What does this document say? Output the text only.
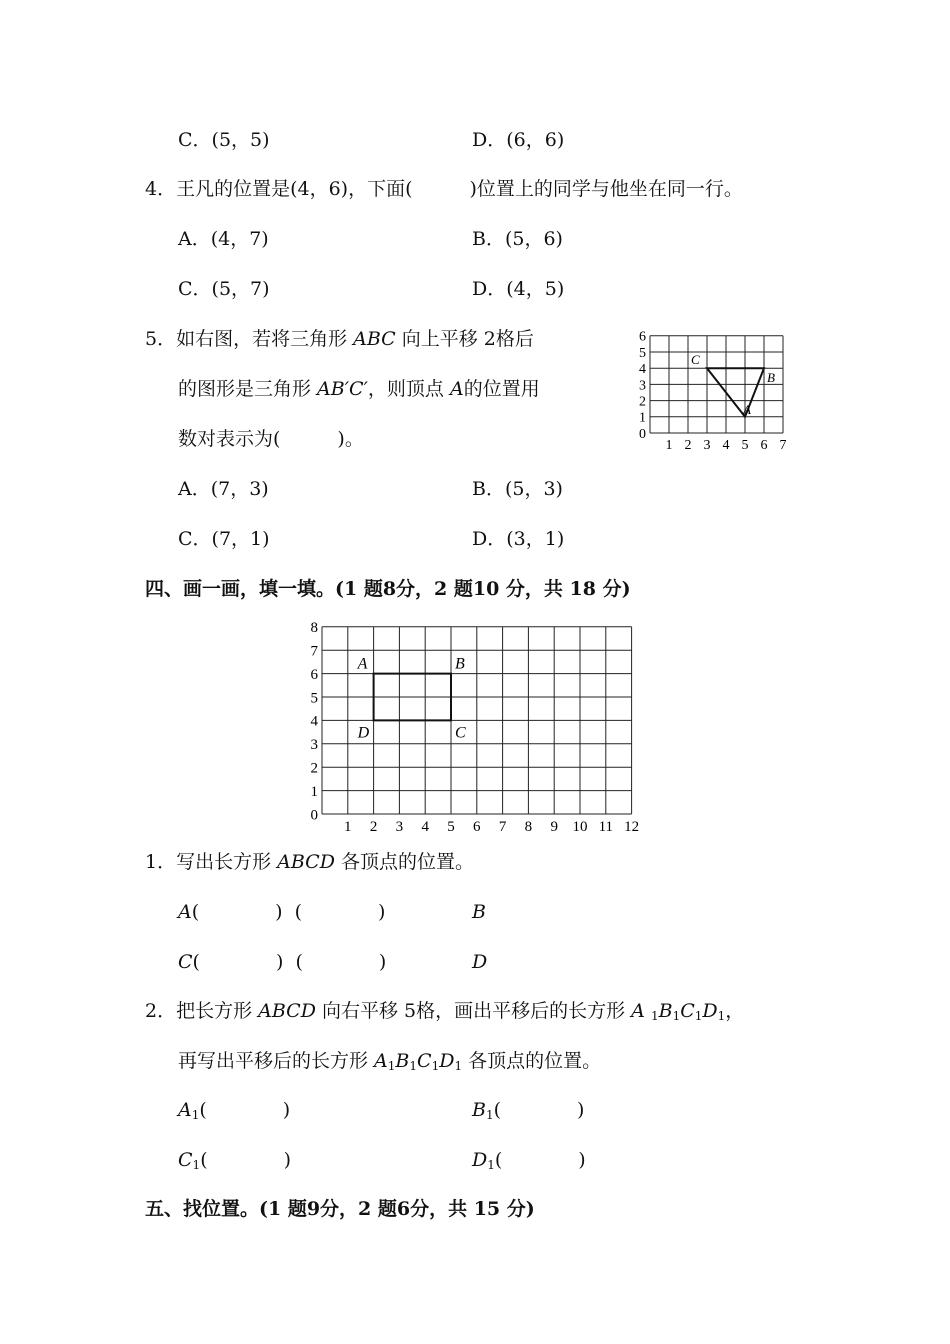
C．(5，5)	D．(6，6)
4．王凡的位置是(4，6)，下面(　　　)位置上的同学与他坐在同一行。
A．(4，7)	B．(5，6)
C．(5，7)	D．(4，5)
5．如右图，若将三角形 ABC 向上平移 2格后
的图形是三角形 AB′C′，则顶点 A的位置用
数对表示为(　　　)。
A．(7，3)	B．(5，3)
C．(7，1)	D．(3，1)
1 2 3 4 5 6 7
0
1
2
3
4
5
6
A
B
C
四、画一画，填一填。(1 题8分，2 题10 分，共 18 分)
1 2 3 4 5 6 7 8 9 10 11 12
0
1
2
3
4
5
6
7
8
A	B
C
D
1．写出长方形 ABCD 各顶点的位置。
A(　　　　)  (　　　　)	B
C(　　　　)  (　　　　)	D
2．把长方形 ABCD 向右平移 5格，画出平移后的长方形 A $_1B_1C_1D_1$，
再写出平移后的长方形 $A_1B_1C_1D_1$ 各顶点的位置。
$A_1$(　　　　)	$B_1$(　　　　)
$C_1$(　　　　)	$D_1$(　　　　)
五、找位置。(1 题9分，2 题6分，共 15 分)
